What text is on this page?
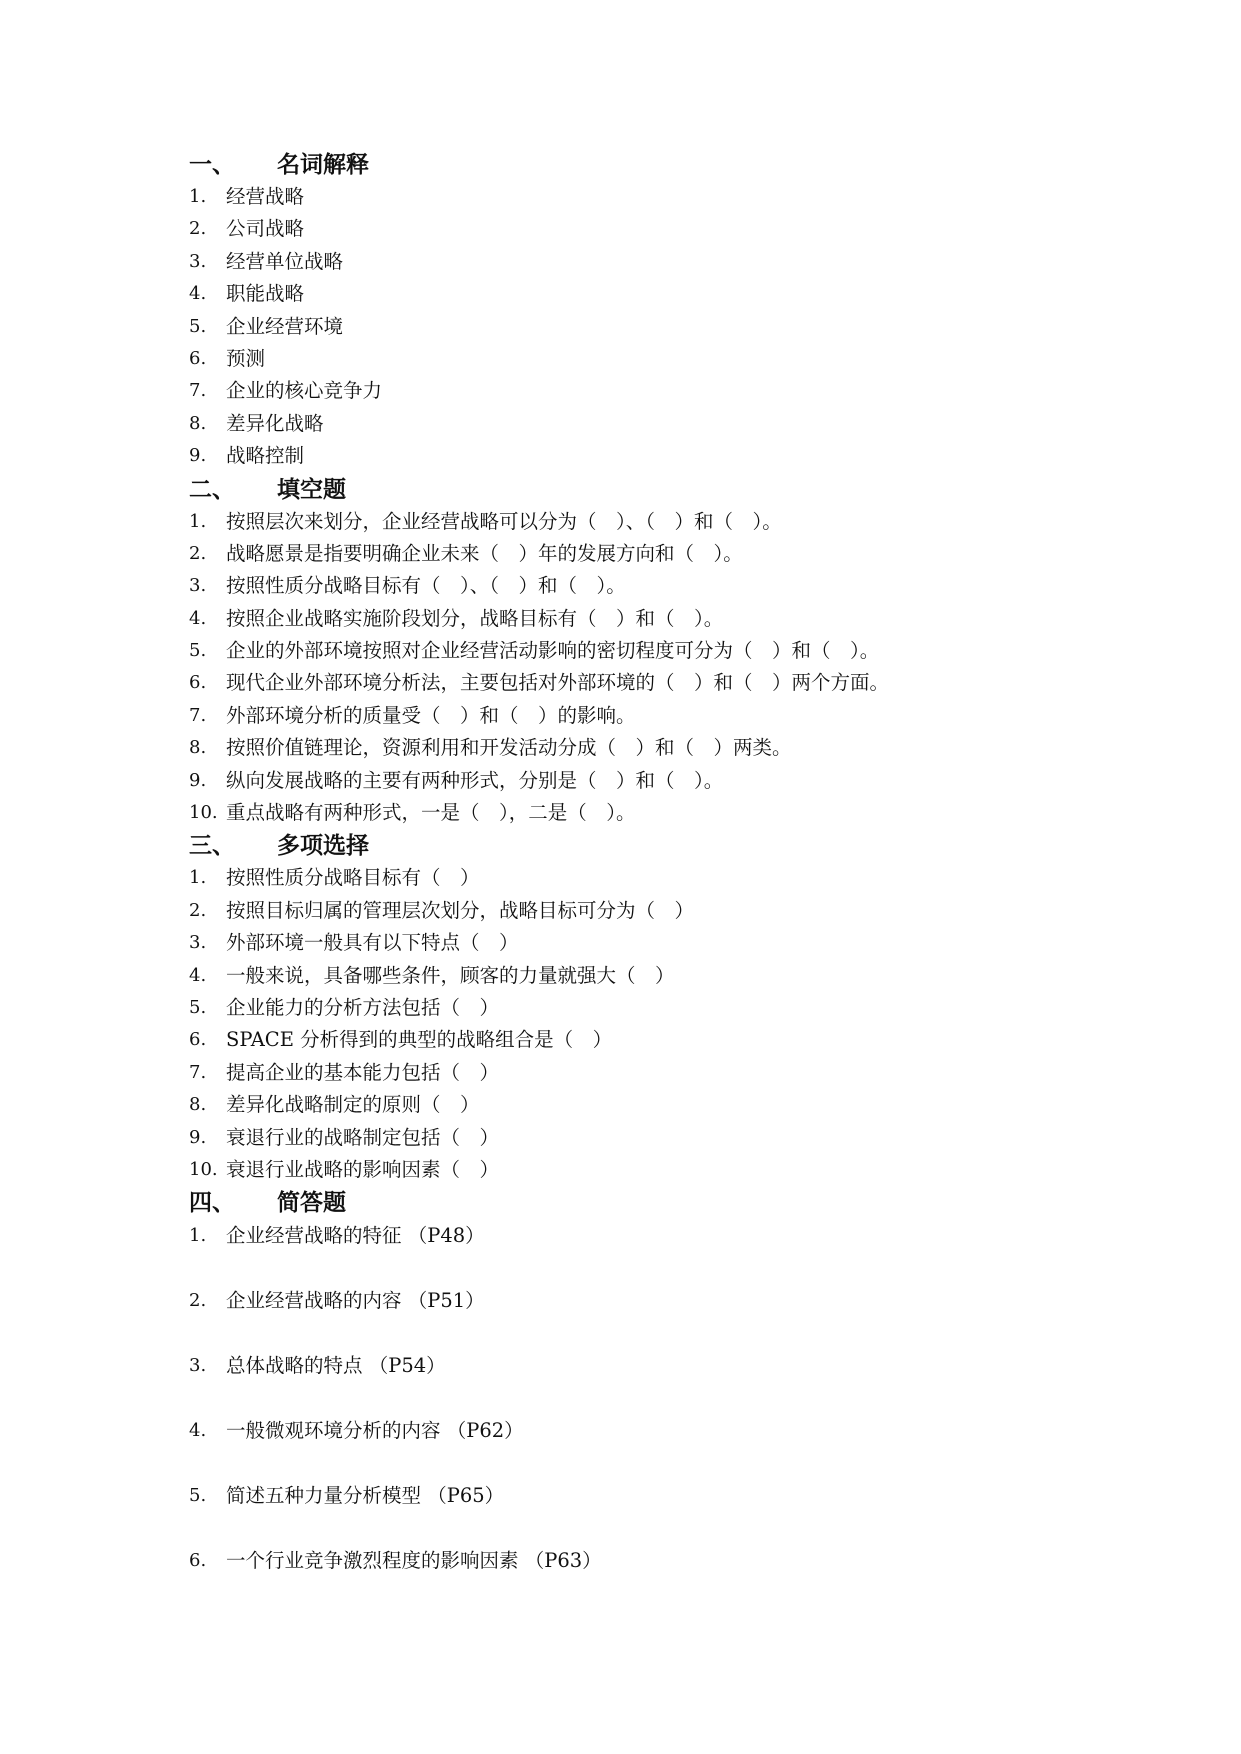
一、	名词解释
1.	经营战略
2.	公司战略
3.	经营单位战略
4.	职能战略
5.	企业经营环境
6.	预测
7.	企业的核心竞争力
8.	差异化战略
9.	战略控制
二、	填空题
1.	按照层次来划分，企业经营战略可以分为（　）、（　）和（　）。
2.	战略愿景是指要明确企业未来（　）年的发展方向和（　）。
3.	按照性质分战略目标有（　）、（　）和（　）。
4.	按照企业战略实施阶段划分，战略目标有（　）和（　）。
5.	企业的外部环境按照对企业经营活动影响的密切程度可分为（　）和（　）。
6.	现代企业外部环境分析法，主要包括对外部环境的（　）和（　）两个方面。
7.	外部环境分析的质量受（　）和（　）的影响。
8.	按照价值链理论，资源利用和开发活动分成（　）和（　）两类。
9.	纵向发展战略的主要有两种形式，分别是（　）和（　）。
10. 重点战略有两种形式，一是（　），二是（　）。
三、	多项选择
1.	按照性质分战略目标有（　）
2.	按照目标归属的管理层次划分，战略目标可分为（　）
3.	外部环境一般具有以下特点（　）
4.	一般来说，具备哪些条件，顾客的力量就强大（　）
5.	企业能力的分析方法包括（　）
6.	SPACE 分析得到的典型的战略组合是（　）
7.	提高企业的基本能力包括（　）
8.	差异化战略制定的原则（　）
9.	衰退行业的战略制定包括（　）
10. 衰退行业战略的影响因素（　）
四、	简答题
1.	企业经营战略的特征 （P48）
2.	企业经营战略的内容 （P51）
3.	总体战略的特点 （P54）
4.	一般微观环境分析的内容 （P62）
5.	简述五种力量分析模型 （P65）
6.	一个行业竞争激烈程度的影响因素 （P63）
